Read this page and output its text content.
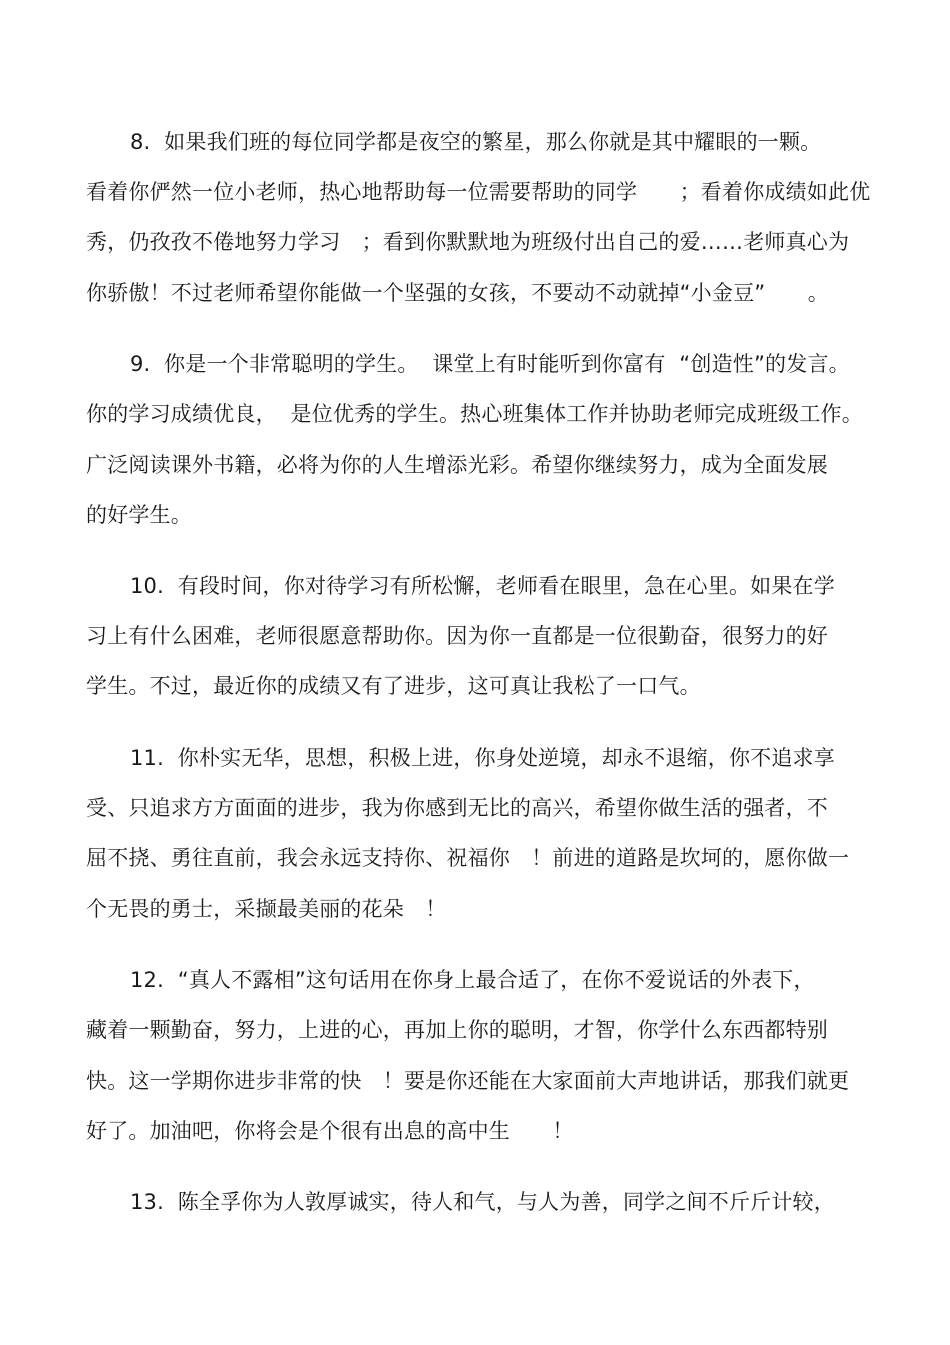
8.  如果我们班的每位同学都是夜空的繁星，那么你就是其中耀眼的一颗。
看着你俨然一位小老师，热心地帮助每一位需要帮助的同学　　；看着你成绩如此优
秀，仍孜孜不倦地努力学习　；看到你默默地为班级付出自己的爱……老师真心为
你骄傲！不过老师希望你能做一个坚强的女孩，不要动不动就掉“小金豆”　　。
9.  你是一个非常聪明的学生。  课堂上有时能听到你富有  “创造性”的发言。
你的学习成绩优良，  是位优秀的学生。热心班集体工作并协助老师完成班级工作。
广泛阅读课外书籍，必将为你的人生增添光彩。希望你继续努力，成为全面发展
的好学生。
10.  有段时间，你对待学习有所松懈，老师看在眼里，急在心里。如果在学
习上有什么困难，老师很愿意帮助你。因为你一直都是一位很勤奋，很努力的好
学生。不过，最近你的成绩又有了进步，这可真让我松了一口气。
11.  你朴实无华，思想，积极上进，你身处逆境，却永不退缩，你不追求享
受、只追求方方面面的进步，我为你感到无比的高兴，希望你做生活的强者，不
屈不挠、勇往直前，我会永远支持你、祝福你　！前进的道路是坎坷的，愿你做一
个无畏的勇士，采撷最美丽的花朵　！
12.  “真人不露相”这句话用在你身上最合适了，在你不爱说话的外表下，
藏着一颗勤奋，努力，上进的心，再加上你的聪明，才智，你学什么东西都特别
快。这一学期你进步非常的快　！要是你还能在大家面前大声地讲话，那我们就更
好了。加油吧，你将会是个很有出息的高中生　　！
13.  陈全孚你为人敦厚诚实，待人和气，与人为善，同学之间不斤斤计较，
